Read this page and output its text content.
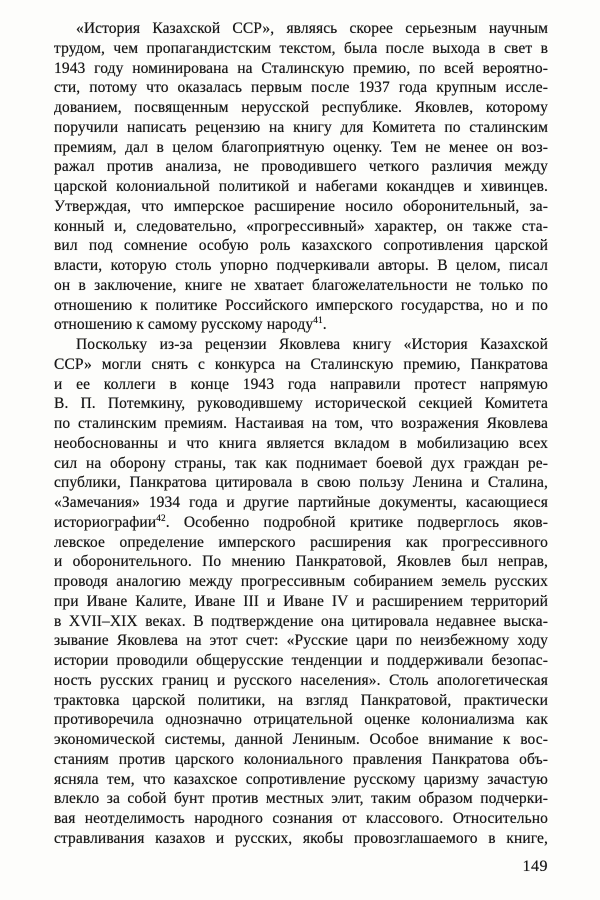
«История Казахской ССР», являясь скорее серьезным научным
трудом, чем пропагандистским текстом, была после выхода в свет в
1943 году номинирована на Сталинскую премию, по всей вероятно-
сти, потому что оказалась первым после 1937 года крупным иссле-
дованием, посвященным нерусской республике. Яковлев, которому
поручили написать рецензию на книгу для Комитета по сталинским
премиям, дал в целом благоприятную оценку. Тем не менее он воз-
ражал против анализа, не проводившего четкого различия между
царской колониальной политикой и набегами кокандцев и хивинцев.
Утверждая, что имперское расширение носило оборонительный, за-
конный и, следовательно, «прогрессивный» характер, он также ста-
вил под сомнение особую роль казахского сопротивления царской
власти, которую столь упорно подчеркивали авторы. В целом, писал
он в заключение, книге не хватает благожелательности не только по
отношению к политике Российского имперского государства, но и по
отношению к самому русскому народу$^{41}$.
Поскольку из-за рецензии Яковлева книгу «История Казахской
ССР» могли снять с конкурса на Сталинскую премию, Панкратова
и ее коллеги в конце 1943 года направили протест напрямую
В. П. Потемкину, руководившему исторической секцией Комитета
по сталинским премиям. Настаивая на том, что возражения Яковлева
необоснованны и что книга является вкладом в мобилизацию всех
сил на оборону страны, так как поднимает боевой дух граждан ре-
спублики, Панкратова цитировала в свою пользу Ленина и Сталина,
«Замечания» 1934 года и другие партийные документы, касающиеся
историографии$^{42}$. Особенно подробной критике подверглось яков-
левское определение имперского расширения как прогрессивного
и оборонительного. По мнению Панкратовой, Яковлев был неправ,
проводя аналогию между прогрессивным собиранием земель русских
при Иване Калите, Иване III и Иване IV и расширением территорий
в XVII–XIX веках. В подтверждение она цитировала недавнее выска-
зывание Яковлева на этот счет: «Русские цари по неизбежному ходу
истории проводили общерусские тенденции и поддерживали безопас-
ность русских границ и русского населения». Столь апологетическая
трактовка царской политики, на взгляд Панкратовой, практически
противоречила однозначно отрицательной оценке колониализма как
экономической системы, данной Лениным. Особое внимание к вос-
станиям против царского колониального правления Панкратова объ-
ясняла тем, что казахское сопротивление русскому царизму зачастую
влекло за собой бунт против местных элит, таким образом подчерки-
вая неотделимость народного сознания от классового. Относительно
стравливания казахов и русских, якобы провозглашаемого в книге,
149
